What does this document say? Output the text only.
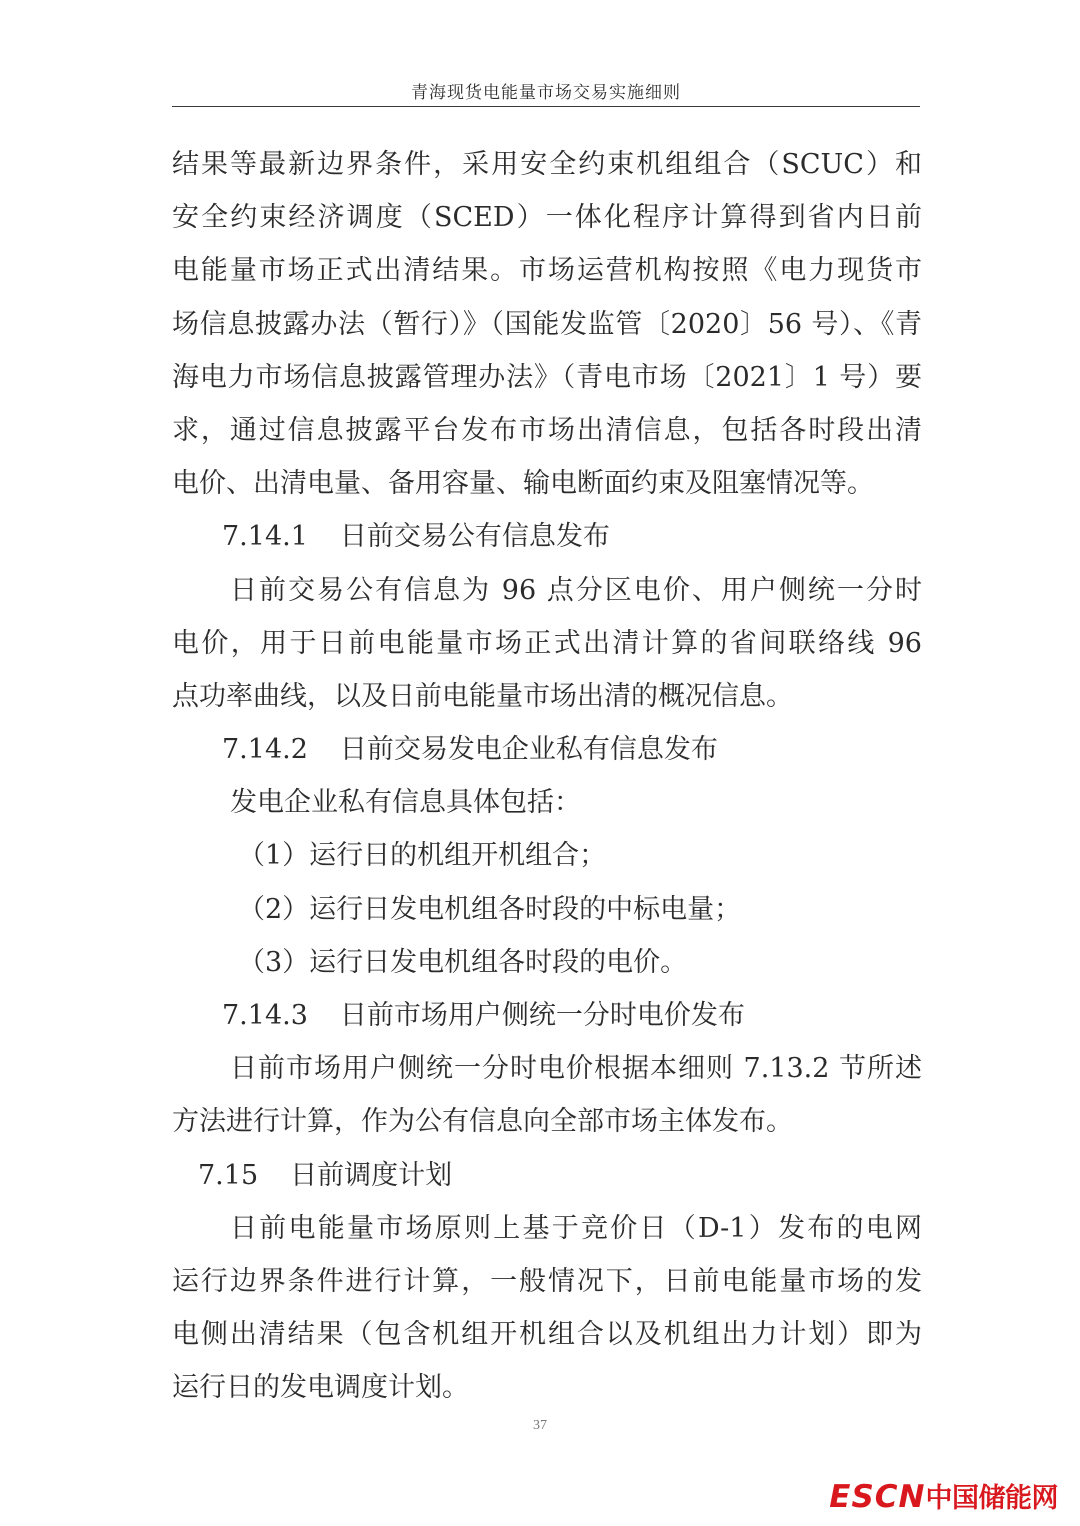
青海现货电能量市场交易实施细则
结果等最新边界条件，采用安全约束机组组合（SCUC）和
安全约束经济调度（SCED）一体化程序计算得到省内日前
电能量市场正式出清结果。市场运营机构按照《电力现货市
场信息披露办法（暂行）》（国能发监管〔2020〕56 号）、《青
海电力市场信息披露管理办法》（青电市场〔2021〕1 号）要
求，通过信息披露平台发布市场出清信息，包括各时段出清
电价、出清电量、备用容量、输电断面约束及阻塞情况等。
7.14.1 日前交易公有信息发布
日前交易公有信息为 96 点分区电价、用户侧统一分时
电价，用于日前电能量市场正式出清计算的省间联络线 96
点功率曲线，以及日前电能量市场出清的概况信息。
7.14.2 日前交易发电企业私有信息发布
发电企业私有信息具体包括：
（1）运行日的机组开机组合；
（2）运行日发电机组各时段的中标电量；
（3）运行日发电机组各时段的电价。
7.14.3 日前市场用户侧统一分时电价发布
日前市场用户侧统一分时电价根据本细则 7.13.2 节所述
方法进行计算，作为公有信息向全部市场主体发布。
7.15 日前调度计划
日前电能量市场原则上基于竞价日（D-1）发布的电网
运行边界条件进行计算，一般情况下，日前电能量市场的发
电侧出清结果（包含机组开机组合以及机组出力计划）即为
运行日的发电调度计划。
37
ESCN中国储能网
